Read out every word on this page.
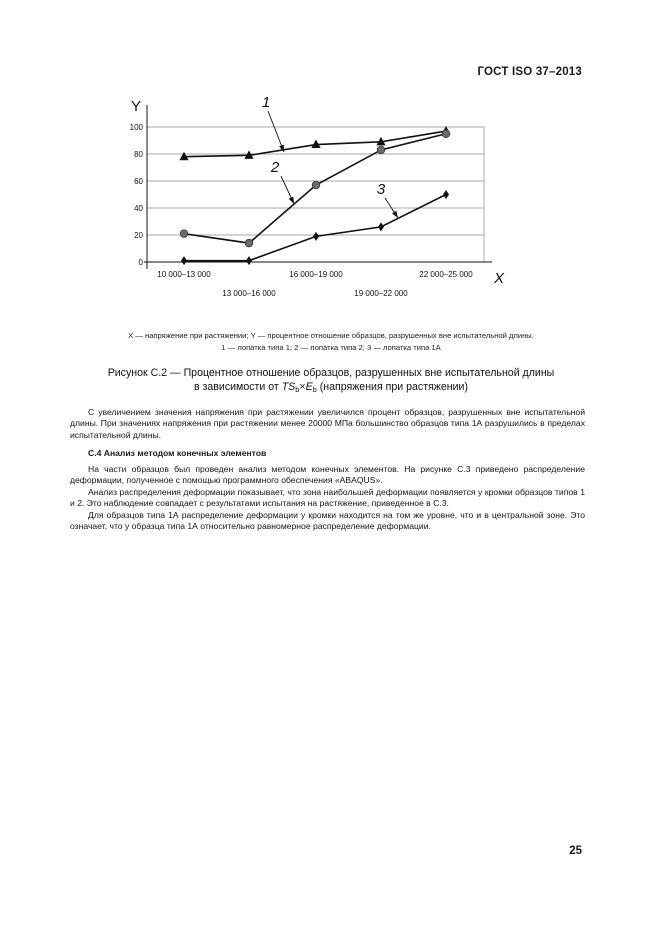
ГОСТ ISO 37–2013
0
20
40
60
80
100
Y
X
10 000–13 000
13 000–16 000
16 000–19 000
19 000–22 000
22 000–25 000
1
2
3
X — напряжение при растяжении; Y — процентное отношение образцов, разрушенных вне испытательной длины.
1 — лопатка типа 1; 2 — лопатка типа 2; 3 — лопатка типа 1А
Рисунок С.2 — Процентное отношение образцов, разрушенных вне испытательной длины
в зависимости от $TS_b\times E_b$ (напряжения при растяжении)
С увеличением значения напряжения при растяжении увеличился процент образцов, разрушенных вне испытательной длины. При значениях напряжения при растяжении менее 20000 МПа большинство образцов типа 1А разрушились в пределах испытательной длины.
С.4 Анализ методом конечных элементов
На части образцов был проведен анализ методом конечных элементов. На рисунке С.3 приведено распределение деформации, полученное с помощью программного обеспечения «ABAQUS».
Анализ распределения деформации показывает, что зона наибольшей деформации появляется у кромки образцов типов 1 и 2. Это наблюдение совпадает с результатами испытания на растяжение, приведенное в С.3.
Для образцов типа 1А распределение деформации у кромки находится на том же уровне, что и в центральной зоне. Это означает, что у образца типа 1А относительно равномерное распределение деформации.
25
